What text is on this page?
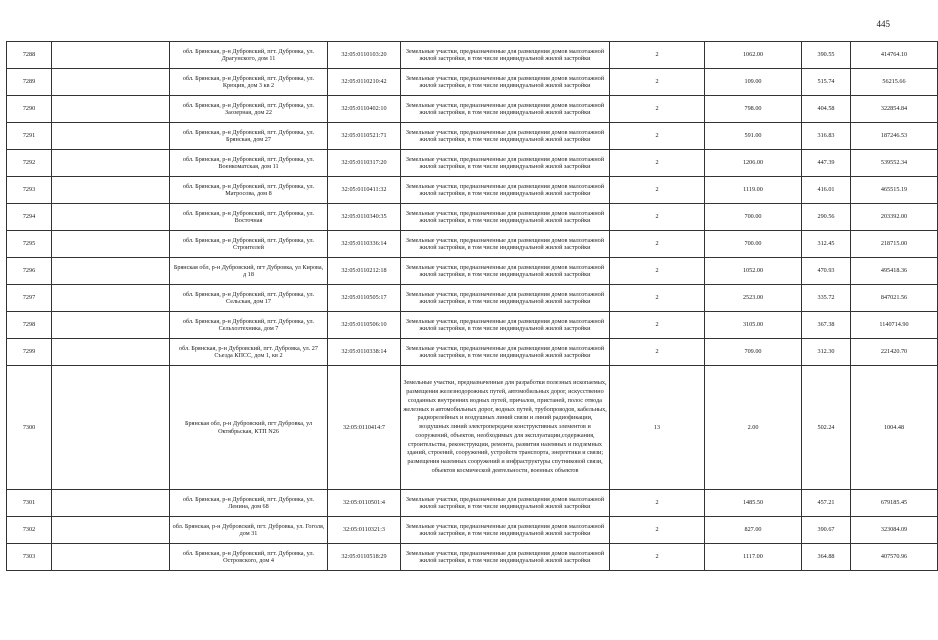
445
7288		обл. Брянская, р-н Дубровский, пгт. Дубровка, ул. Драгунского, дом 11	32:05:0110103:20	Земельные участки, предназначенные для размещения домов малоэтажной жилой застройки, в том числе индивидуальной жилой застройки	2	1062.00	390.55	414764.10
7289		обл. Брянская, р-н Дубровский, пгт. Дубровка, ул. Крюцив, дом 3 кв 2	32:05:0110210:42	Земельные участки, предназначенные для размещения домов малоэтажной жилой застройки, в том числе индивидуальной жилой застройки	2	109.00	515.74	56215.66
7290		обл. Брянская, р-н Дубровский, пгт. Дубровка, ул. Заозерная, дом 22	32:05:0110402:10	Земельные участки, предназначенные для размещения домов малоэтажной жилой застройки, в том числе индивидуальной жилой застройки	2	798.00	404.58	322854.84
7291		обл. Брянская, р-н Дубровский, пгт. Дубровка, ул. Брянская, дом 27	32:05:0110521:71	Земельные участки, предназначенные для размещения домов малоэтажной жилой застройки, в том числе индивидуальной жилой застройки	2	591.00	316.83	187246.53
7292		обл. Брянская, р-н Дубровский, пгт. Дубровка, ул. Военкоматская, дом 11	32:05:0110317:20	Земельные участки, предназначенные для размещения домов малоэтажной жилой застройки, в том числе индивидуальной жилой застройки	2	1206.00	447.39	539552.34
7293		обл. Брянская, р-н Дубровский, пгт. Дубровка, ул. Матросова, дом 8	32:05:0110411:32	Земельные участки, предназначенные для размещения домов малоэтажной жилой застройки, в том числе индивидуальной жилой застройки	2	1119.00	416.01	465515.19
7294		обл. Брянская, р-н Дубровский, пгт. Дубровка, ул. Восточная	32:05:0110340:35	Земельные участки, предназначенные для размещения домов малоэтажной жилой застройки, в том числе индивидуальной жилой застройки	2	700.00	290.56	203392.00
7295		обл. Брянская, р-н Дубровский, пгт. Дубровка, ул. Строителей	32:05:0110336:14	Земельные участки, предназначенные для размещения домов малоэтажной жилой застройки, в том числе индивидуальной жилой застройки	2	700.00	312.45	218715.00
7296		Брянская обл, р-н Дубровский, пгт Дубровка, ул Кирова, д 18	32:05:0110212:18	Земельные участки, предназначенные для размещения домов малоэтажной жилой застройки, в том числе индивидуальной жилой застройки	2	1052.00	470.93	495418.36
7297		обл. Брянская, р-н Дубровский, пгт. Дубровка, ул. Сельская, дом 17	32:05:0110505:17	Земельные участки, предназначенные для размещения домов малоэтажной жилой застройки, в том числе индивидуальной жилой застройки	2	2523.00	335.72	847021.56
7298		обл. Брянская, р-н Дубровский, пгт. Дубровка, ул. Сельхозтехника, дом 7	32:05:0110506:10	Земельные участки, предназначенные для размещения домов малоэтажной жилой застройки, в том числе индивидуальной жилой застройки	2	3105.00	367.38	1140714.90
7299		обл. Брянская, р-н Дубровский, пгт. Дубровка, ул. 27 Съезда КПСС, дом 1, кв 2	32:05:0110338:14	Земельные участки, предназначенные для размещения домов малоэтажной жилой застройки, в том числе индивидуальной жилой застройки	2	709.00	312.30	221420.70
7300		Брянская обл, р-н Дубровский, пгт Дубровка, ул Октябрьская, КТП N26	32:05:0110414:7	Земельные участки, предназначенные для разработки полезных ископаемых, размещения железнодорожных путей, автомобильных дорог, искусственно созданных внутренних водных путей, причалов, пристаней, полос отвода железных и автомобильных дорог, водных путей, трубопроводов, кабельных, радиорелейных и воздушных линий связи и линий радиофикации, воздушных линий электропередачи конструктивных элементов и сооружений, объектов, необходимых для эксплуатации,содержания, строительства, реконструкции, ремонта, развития наземных и подземных зданий, строений, сооружений, устройств транспорта, энергетики и связи; размещения наземных сооружений и инфраструктуры спутниковой связи, объектов космической деятельности, военных объектов	13	2.00	502.24	1004.48
7301		обл. Брянская, р-н Дубровский, пгт. Дубровка, ул. Ленина, дом 68	32:05:0110501:4	Земельные участки, предназначенные для размещения домов малоэтажной жилой застройки, в том числе индивидуальной жилой застройки	2	1485.50	457.21	679185.45
7302		обл. Брянская, р-н Дубровский, пгт. Дубровка, ул. Гоголя, дом 31	32:05:0110321:3	Земельные участки, предназначенные для размещения домов малоэтажной жилой застройки, в том числе индивидуальной жилой застройки	2	827.00	390.67	323084.09
7303		обл. Брянская, р-н Дубровский, пгт. Дубровка, ул. Островского, дом 4	32:05:0110518:29	Земельные участки, предназначенные для размещения домов малоэтажной жилой застройки, в том числе индивидуальной жилой застройки	2	1117.00	364.88	407570.96
